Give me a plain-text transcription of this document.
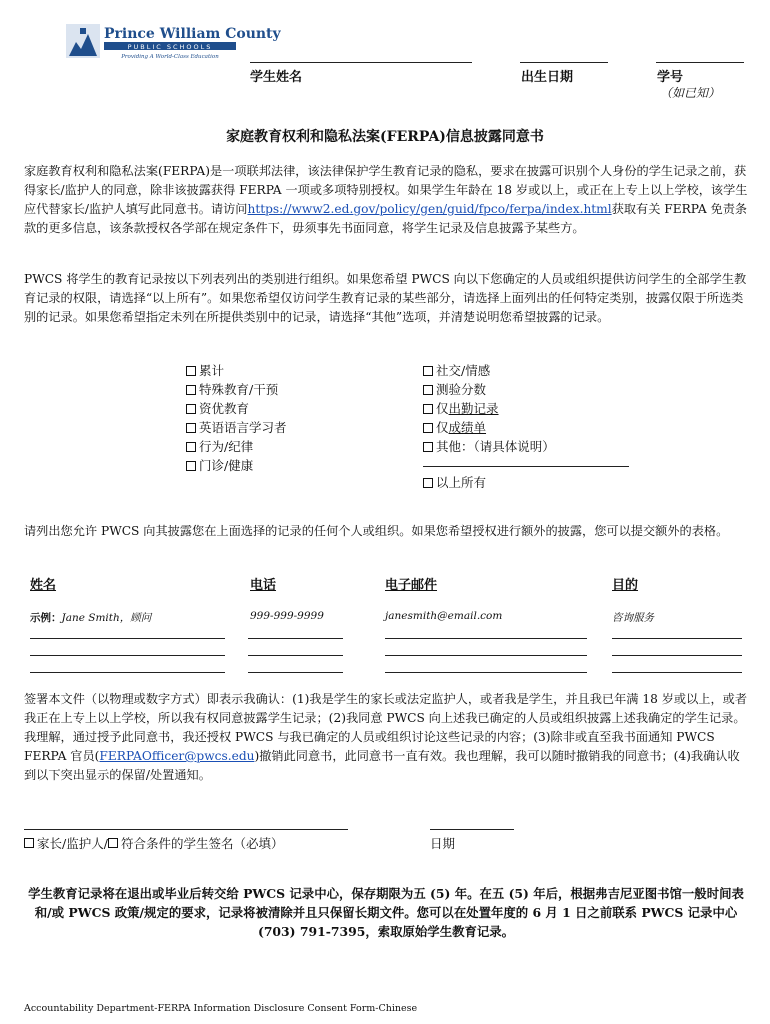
Prince William County
PUBLIC SCHOOLS
Providing A World-Class Education
学生姓名	出生日期	学号
（如已知）
家庭教育权利和隐私法案(FERPA)信息披露同意书
家庭教育权利和隐私法案(FERPA)是一项联邦法律，该法律保护学生教育记录的隐私，要求在披露可识别个人身份的学生记录之前，获得家长/监护人的同意，除非该披露获得 FERPA 一项或多项特别授权。如果学生年龄在 18 岁或以上，或正在上专上以上学校，该学生应代替家长/监护人填写此同意书。请访问https://www2.ed.gov/policy/gen/guid/fpco/ferpa/index.html获取有关 FERPA 免责条款的更多信息，该条款授权各学部在规定条件下，毋须事先书面同意，将学生记录及信息披露予某些方。
PWCS 将学生的教育记录按以下列表列出的类别进行组织。如果您希望 PWCS 向以下您确定的人员或组织提供访问学生的全部学生教育记录的权限，请选择“以上所有”。如果您希望仅访问学生教育记录的某些部分，请选择上面列出的任何特定类别，披露仅限于所选类别的记录。如果您希望指定未列在所提供类别中的记录，请选择“其他”选项，并清楚说明您希望披露的记录。
累计
特殊教育/干预
资优教育
英语语言学习者
行为/纪律
门诊/健康
社交/情感
测验分数
仅 出勤记录
仅 成绩单
其他：（请具体说明）
以上所有
请列出您允许 PWCS 向其披露您在上面选择的记录的任何个人或组织。如果您希望授权进行额外的披露，您可以提交额外的表格。
姓名	电话	电子邮件	目的
示例：Jane Smith，顾问	999-999-9999	janesmith@email.com	咨询服务
签署本文件（以物理或数字方式）即表示我确认：(1)我是学生的家长或法定监护人，或者我是学生，并且我已年满 18 岁或以上，或者我正在上专上以上学校，所以我有权同意披露学生记录；(2)我同意 PWCS 向上述我已确定的人员或组织披露上述我确定的学生记录。我理解，通过授予此同意书，我还授权 PWCS 与我已确定的人员或组织讨论这些记录的内容；(3)除非或直至我书面通知 PWCS FERPA 官员(FERPAOfficer@pwcs.edu)撤销此同意书，此同意书一直有效。我也理解，我可以随时撤销我的同意书；(4)我确认收到以下突出显示的保留/处置通知。
家长/监护人/ 符合条件的学生签名（必填）	日期
学生教育记录将在退出或毕业后转交给 PWCS 记录中心，保存期限为五 (5) 年。在五 (5) 年后，根据弗吉尼亚图书馆一般时间表和/或 PWCS 政策/规定的要求，记录将被清除并且只保留长期文件。您可以在处置年度的 6 月 1 日之前联系 PWCS 记录中心 (703) 791-7395，索取原始学生教育记录。
Accountability Department-FERPA Information Disclosure Consent Form-Chinese
